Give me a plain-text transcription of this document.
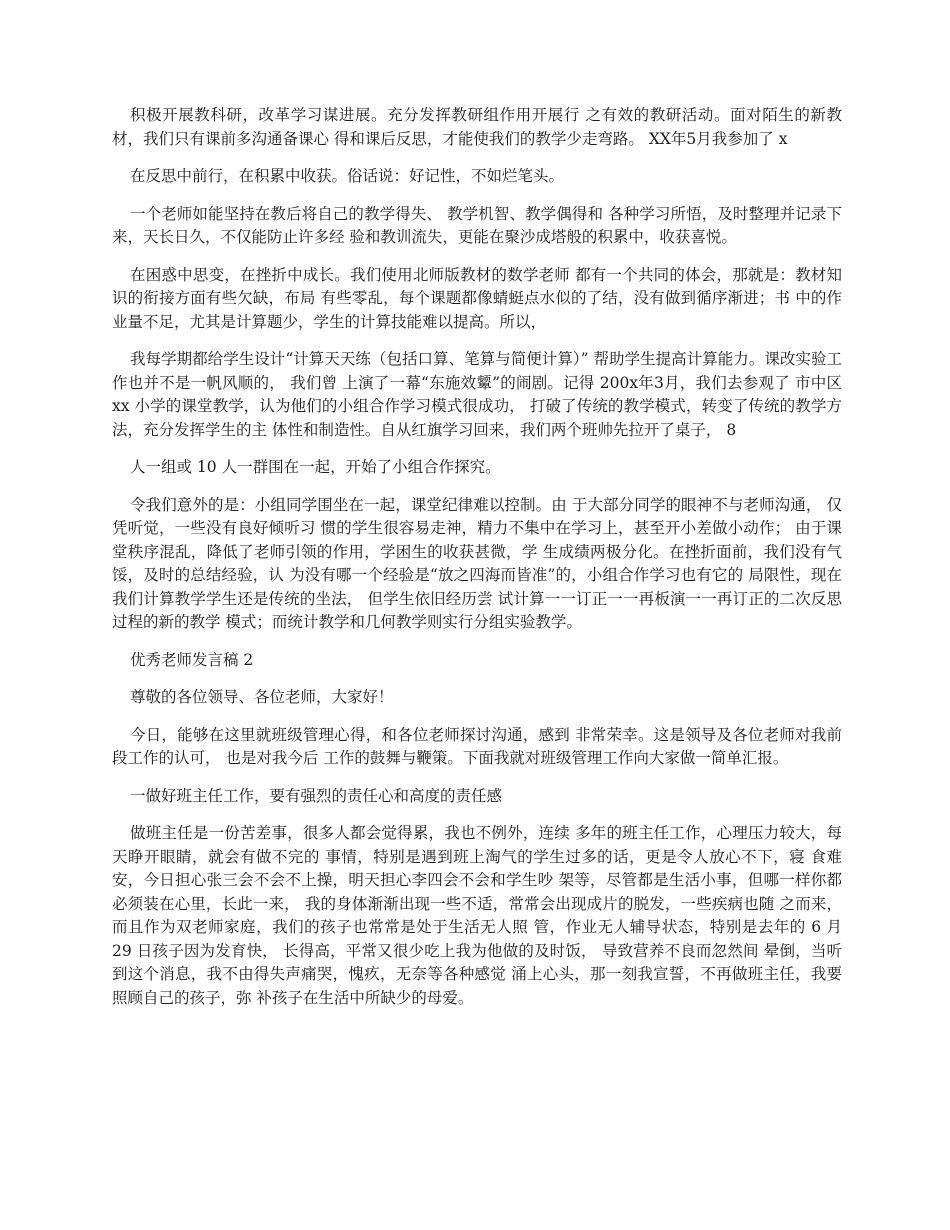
积极开展教科研，改革学习谋进展。充分发挥教研组作用开展行 之有效的教研活动。面对陌生的新教材，我们只有课前多沟通备课心 得和课后反思，才能使我们的教学少走弯路。 XX年5月我参加了 x

在反思中前行，在积累中收获。俗话说：好记性，不如烂笔头。

一个老师如能坚持在教后将自己的教学得失、 教学机智、教学偶得和 各种学习所悟，及时整理并记录下来，天长日久，不仅能防止许多经 验和教训流失，更能在聚沙成塔般的积累中，收获喜悦。

在困惑中思变，在挫折中成长。我们使用北师版教材的数学老师 都有一个共同的体会，那就是：教材知识的衔接方面有些欠缺，布局 有些零乱，每个课题都像蜻蜓点水似的了结，没有做到循序渐进；书 中的作业量不足，尤其是计算题少，学生的计算技能难以提高。所以，

我每学期都给学生设计“计算天天练（包括口算、笔算与简便计算）” 帮助学生提高计算能力。课改实验工作也并不是一帆风顺的， 我们曾 上演了一幕“东施效颦”的闹剧。记得 200x年3月，我们去参观了 市中区 xx 小学的课堂教学，认为他们的小组合作学习模式很成功， 打破了传统的教学模式，转变了传统的教学方法，充分发挥学生的主 体性和制造性。自从红旗学习回来，我们两个班帅先拉开了桌子， 8

人一组或 10 人一群围在一起，开始了小组合作探究。

令我们意外的是：小组同学围坐在一起，课堂纪律难以控制。由 于大部分同学的眼神不与老师沟通， 仅凭听觉，一些没有良好倾听习 惯的学生很容易走神，精力不集中在学习上，甚至开小差做小动作； 由于课堂秩序混乱，降低了老师引领的作用，学困生的收获甚微，学 生成绩两极分化。在挫折面前，我们没有气馁，及时的总结经验，认 为没有哪一个经验是“放之四海而皆准”的，小组合作学习也有它的 局限性，现在我们计算教学学生还是传统的坐法， 但学生依旧经历尝 试计算一一订正一一再板演一一再订正的二次反思过程的新的教学 模式；而统计教学和几何教学则实行分组实验教学。

优秀老师发言稿 2

尊敬的各位领导、各位老师，大家好！

今日，能够在这里就班级管理心得，和各位老师探讨沟通，感到 非常荣幸。这是领导及各位老师对我前段工作的认可， 也是对我今后 工作的鼓舞与鞭策。下面我就对班级管理工作向大家做一简单汇报。

一做好班主任工作，要有强烈的责任心和高度的责任感

做班主任是一份苦差事，很多人都会觉得累，我也不例外，连续 多年的班主任工作，心理压力较大，每天睁开眼睛，就会有做不完的 事情，特别是遇到班上淘气的学生过多的话，更是令人放心不下，寝 食难安，今日担心张三会不会不上操，明天担心李四会不会和学生吵 架等，尽管都是生活小事，但哪一样你都必须装在心里，长此一来， 我的身体渐渐出现一些不适，常常会出现成片的脱发，一些疾病也随 之而来，而且作为双老师家庭，我们的孩子也常常是处于生活无人照 管，作业无人辅导状态，特别是去年的 6 月 29 日孩子因为发育快， 长得高，平常又很少吃上我为他做的及时饭， 导致营养不良而忽然间 晕倒，当听到这个消息，我不由得失声痛哭，愧疚，无奈等各种感觉 涌上心头，那一刻我宣誓，不再做班主任，我要照顾自己的孩子，弥 补孩子在生活中所缺少的母爱。
